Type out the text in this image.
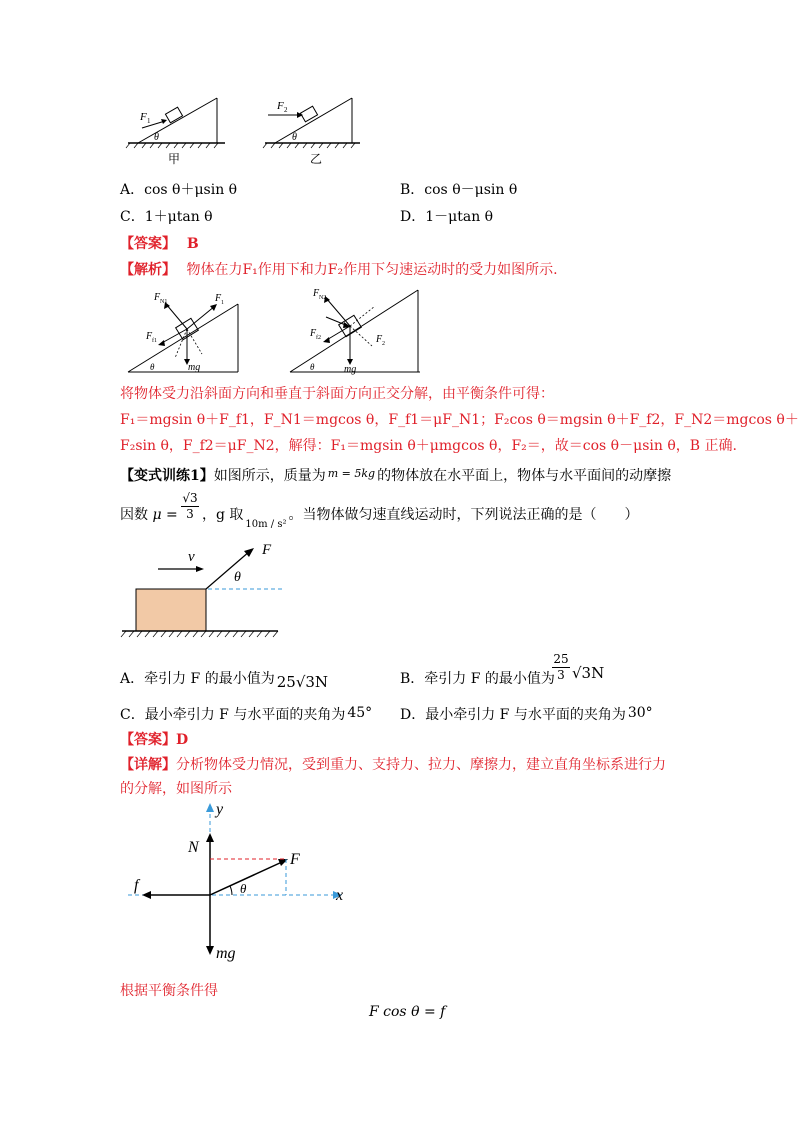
F 1
θ
甲
F 2
θ
乙
A．cos θ＋μsin θ	B．cos θ－μsin θ
C．1＋μtan θ	D．1－μtan θ
【答案】 B
【解析】 物体在力F₁作用下和力F₂作用下匀速运动时的受力如图所示.
F N1	F 1
F f1
mg
θ
F N2
F f2	F 2
mg
θ
将物体受力沿斜面方向和垂直于斜面方向正交分解，由平衡条件可得：
F₁＝mgsin θ＋F_f1，F_N1＝mgcos θ，F_f1＝μF_N1；F₂cos θ＝mgsin θ＋F_f2，F_N2＝mgcos θ＋
F₂sin θ，F_f2＝μF_N2，解得：F₁＝mgsin θ＋μmgcos θ，F₂＝，故＝cos θ－μsin θ，B 正确.
【变式训练1】如图所示，质量为 $^{m = 5kg}$ 的物体放在水平面上，物体与水平面间的动摩擦
因数 μ =
√3
3 ，g 取$_{10m / s^2}$。当物体做匀速直线运动时，下列说法正确的是（　　）
v	F
θ
A．牵引力 F 的最小值为 25√3N	B．牵引力 F 的最小值为
25
3 √3N
C．最小牵引力 F 与水平面的夹角为 45° D．最小牵引力 F 与水平面的夹角为 30°
【答案】D
【详解】分析物体受力情况，受到重力、支持力、拉力、摩擦力，建立直角坐标系进行力
的分解，如图所示
y
x
N
F
f
mg
θ
根据平衡条件得
F cos θ = f
